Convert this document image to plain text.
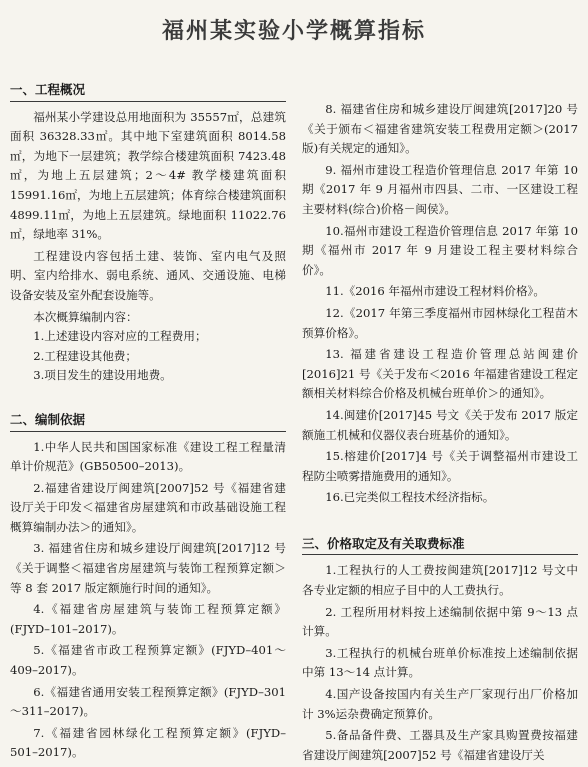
福州某实验小学概算指标
一、工程概况
福州某小学建设总用地面积为 35557㎡，总建筑面积 36328.33㎡。其中地下室建筑面积 8014.58㎡，为地下一层建筑；教学综合楼建筑面积 7423.48㎡，为地上五层建筑；2～4# 教学楼建筑面积 15991.16㎡，为地上五层建筑；体育综合楼建筑面积 4899.11㎡，为地上五层建筑。绿地面积 11022.76㎡，绿地率 31%。
工程建设内容包括土建、装饰、室内电气及照明、室内给排水、弱电系统、通风、交通设施、电梯设备安装及室外配套设施等。
本次概算编制内容：
1.上述建设内容对应的工程费用；
2.工程建设其他费；
3.项目发生的建设用地费。
二、编制依据
1.中华人民共和国国家标准《建设工程工程量清单计价规范》(GB50500–2013)。
2.福建省建设厅闽建筑[2007]52 号《福建省建设厅关于印发＜福建省房屋建筑和市政基础设施工程概算编制办法＞的通知》。
3. 福建省住房和城乡建设厅闽建筑[2017]12 号《关于调整＜福建省房屋建筑与装饰工程预算定额＞等 8 套 2017 版定额施行时间的通知》。
4.《福建省房屋建筑与装饰工程预算定额》(FJYD–101–2017)。
5.《福建省市政工程预算定额》(FJYD–401～409–2017)。
6.《福建省通用安装工程预算定额》(FJYD–301～311–2017)。
7.《福建省园林绿化工程预算定额》(FJYD–501–2017)。
8. 福建省住房和城乡建设厅闽建筑[2017]20 号《关于颁布＜福建省建筑安装工程费用定额＞(2017 版)有关规定的通知》。
9. 福州市建设工程造价管理信息 2017 年第 10 期《2017 年 9 月福州市四县、二市、一区建设工程主要材料(综合)价格－闽侯》。
10.福州市建设工程造价管理信息 2017 年第 10 期《福州市 2017 年 9 月建设工程主要材料综合价》。
11.《2016 年福州市建设工程材料价格》。
12.《2017 年第三季度福州市园林绿化工程苗木预算价格》。
13. 福建省建设工程造价管理总站闽建价[2016]21 号《关于发布＜2016 年福建省建设工程定额相关材料综合价格及机械台班单价＞的通知》。
14.闽建价[2017]45 号文《关于发布 2017 版定额施工机械和仪器仪表台班基价的通知》。
15.榕建价[2017]4 号《关于调整福州市建设工程防尘喷雾措施费用的通知》。
16.已完类似工程技术经济指标。
三、价格取定及有关取费标准
1.工程执行的人工费按闽建筑[2017]12 号文中各专业定额的相应子目中的人工费执行。
2. 工程所用材料按上述编制依据中第 9～13 点计算。
3.工程执行的机械台班单价标准按上述编制依据中第 13～14 点计算。
4.国产设备按国内有关生产厂家现行出厂价格加计 3%运杂费确定预算价。
5.备品备件费、工器具及生产家具购置费按福建省建设厅闽建筑[2007]52 号《福建省建设厅关
